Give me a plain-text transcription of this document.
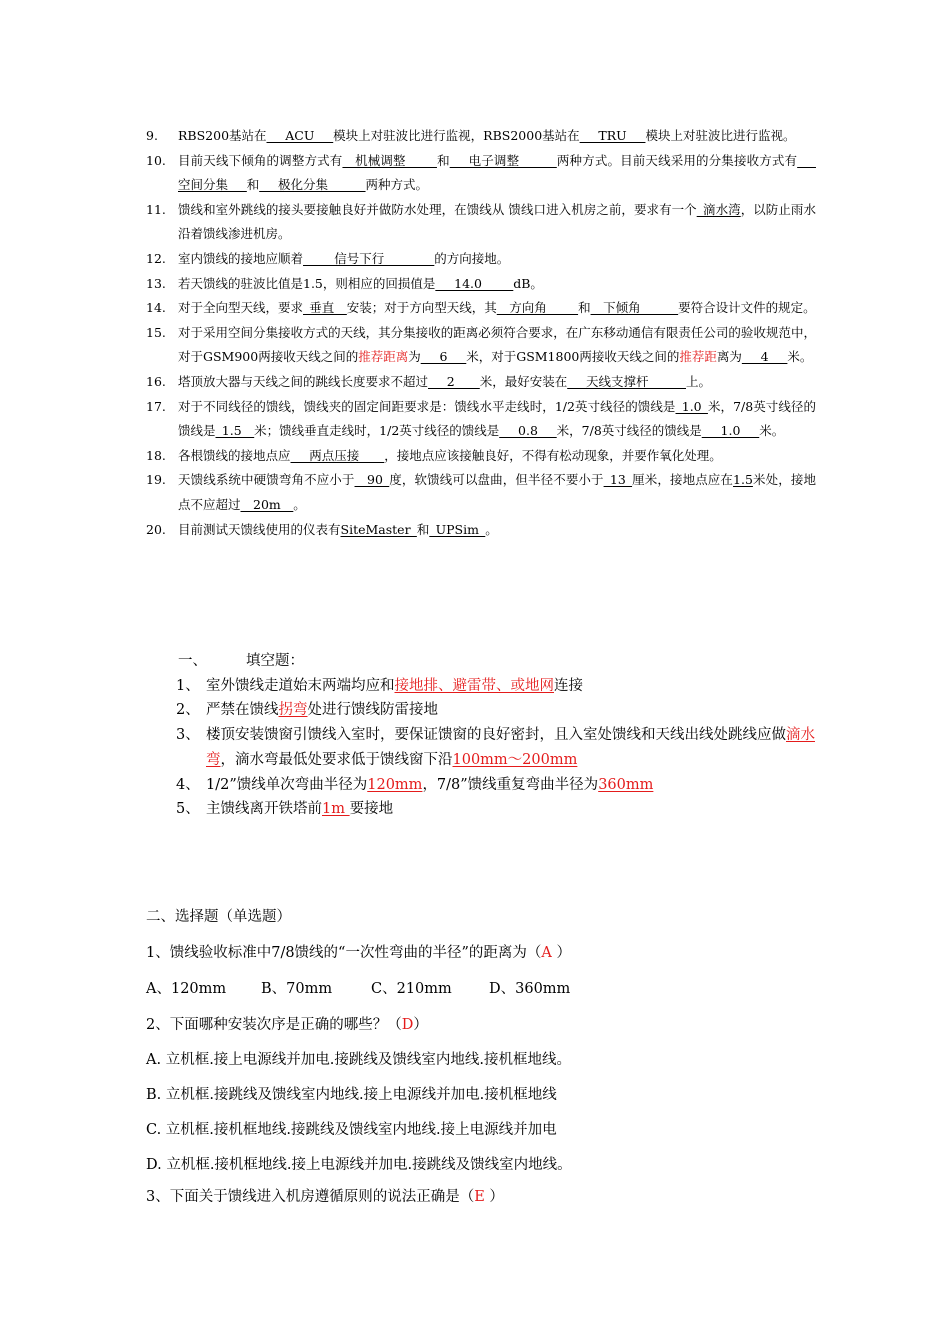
9.	RBS200基站在___ACU___模块上对驻波比进行监视，RBS2000基站在___TRU___模块上对驻波比进行监视。
10. 目前天线下倾角的调整方式有__机械调整_____和___电子调整______两种方式。目前天线采用的分集接收方式有___空间分集___和___极化分集______两种方式。
11. 馈线和室外跳线的接头要接触良好并做防水处理，在馈线从 馈线口进入机房之前，要求有一个_滴水湾，以防止雨水沿着馈线渗进机房。
12. 室内馈线的接地应顺着_____信号下行________的方向接地。
13. 若天馈线的驻波比值是1.5，则相应的回损值是___14.0_____dB。
14. 对于全向型天线，要求_垂直__安装；对于方向型天线，其__方向角_____和__下倾角______要符合设计文件的规定。
15. 对于采用空间分集接收方式的天线，其分集接收的距离必须符合要求，在广东移动通信有限责任公司的验收规范中，对于GSM900两接收天线之间的推荐距离为___6___米，对于GSM1800两接收天线之间的推荐距离为___4___米。
16. 塔顶放大器与天线之间的跳线长度要求不超过___2____米，最好安装在___天线支撑杆______上。
17. 对于不同线径的馈线，馈线夹的固定间距要求是：馈线水平走线时，1/2英寸线径的馈线是_1.0_米，7/8英寸线径的馈线是_1.5__米；馈线垂直走线时，1/2英寸线径的馈线是___0.8___米，7/8英寸线径的馈线是___1.0___米。
18. 各根馈线的接地点应___两点压接____，接地点应该接触良好，不得有松动现象，并要作氧化处理。
19. 天馈线系统中硬馈弯角不应小于__90_度，软馈线可以盘曲，但半径不要小于_13_厘米，接地点应在1.5米处，接地点不应超过__20m__。
20. 目前测试天馈线使用的仪表有SiteMaster_和_UPSim_。
一、	填空题：
1、 室外馈线走道始末两端均应和接地排、避雷带、或地网连接
2、 严禁在馈线拐弯处进行馈线防雷接地
3、 楼顶安装馈窗引馈线入室时，要保证馈窗的良好密封，且入室处馈线和天线出线处跳线应做滴水弯，滴水弯最低处要求低于馈线窗下沿100mm～200mm
4、 1/2”馈线单次弯曲半径为120mm，7/8”馈线重复弯曲半径为360mm
5、 主馈线离开铁塔前1m 要接地
二、选择题（单选题）
1、馈线验收标准中7/8馈线的“一次性弯曲的半径”的距离为（A ）
A、120mm B、70mm	C、210mm	D、360mm
2、下面哪种安装次序是正确的哪些？（D）
A. 立机框.接上电源线并加电.接跳线及馈线室内地线.接机框地线。
B. 立机框.接跳线及馈线室内地线.接上电源线并加电.接机框地线
C. 立机框.接机框地线.接跳线及馈线室内地线.接上电源线并加电
D. 立机框.接机框地线.接上电源线并加电.接跳线及馈线室内地线。
3、下面关于馈线进入机房遵循原则的说法正确是（E ）
